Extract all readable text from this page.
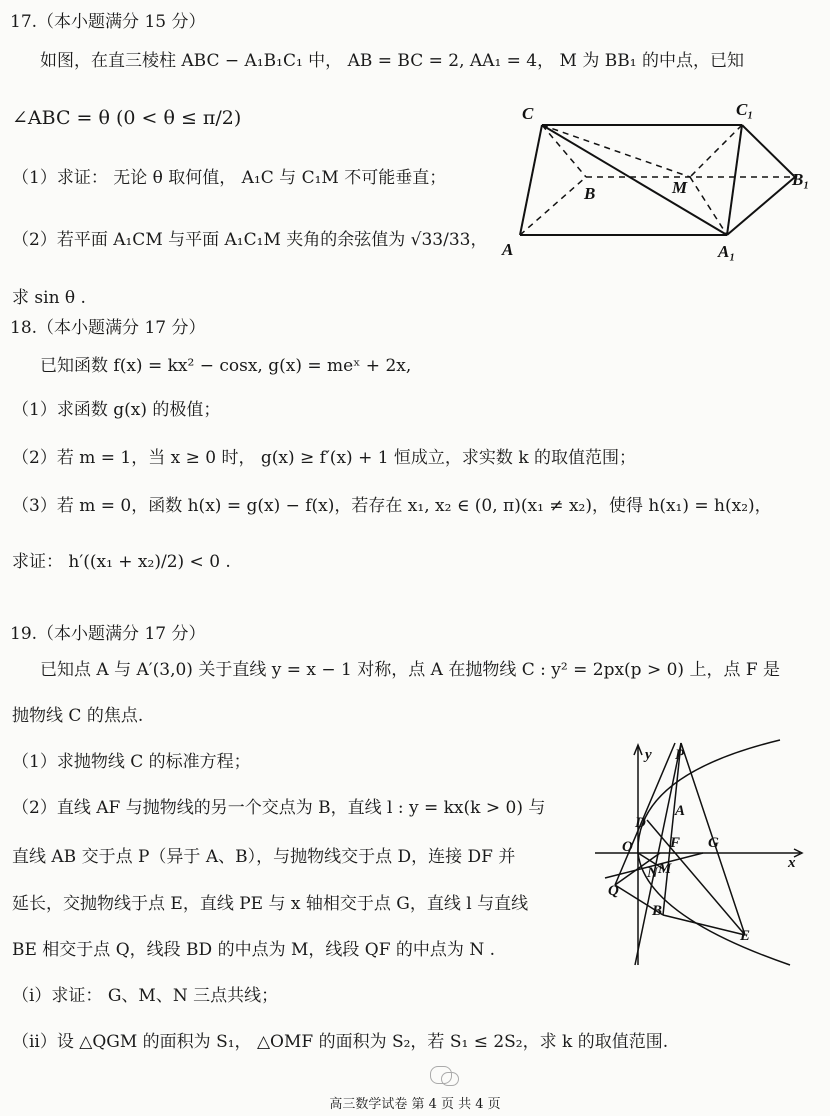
17.（本小题满分 15 分）
如图，在直三棱柱 ABC − A₁B₁C₁ 中， AB = BC = 2, AA₁ = 4， M 为 BB₁ 的中点，已知
∠ABC = θ (0 < θ ≤ π/2)
（1）求证： 无论 θ 取何值， A₁C 与 C₁M 不可能垂直；
（2）若平面 A₁CM 与平面 A₁C₁M 夹角的余弦值为 √33/33，
求 sin θ .
C	C₁
B	M	B₁
A	A₁
18.（本小题满分 17 分）
已知函数 f(x) = kx² − cosx, g(x) = meˣ + 2x,
（1）求函数 g(x) 的极值；
（2）若 m = 1，当 x ≥ 0 时， g(x) ≥ f′(x) + 1 恒成立，求实数 k 的取值范围；
（3）若 m = 0，函数 h(x) = g(x) − f(x)，若存在 x₁, x₂ ∈ (0, π)(x₁ ≠ x₂)，使得 h(x₁) = h(x₂)，
求证： h′((x₁ + x₂)/2) < 0 .
19.（本小题满分 17 分）
已知点 A 与 A′(3,0) 关于直线 y = x − 1 对称，点 A 在抛物线 C : y² = 2px(p > 0) 上，点 F 是
抛物线 C 的焦点.
（1）求抛物线 C 的标准方程；
（2）直线 AF 与抛物线的另一个交点为 B，直线 l : y = kx(k > 0) 与
直线 AB 交于点 P（异于 A、B），与抛物线交于点 D，连接 DF 并
延长，交抛物线于点 E，直线 PE 与 x 轴相交于点 G，直线 l 与直线
BE 相交于点 Q，线段 BD 的中点为 M，线段 QF 的中点为 N .
（i）求证： G、M、N 三点共线；
（ii）设 △QGM 的面积为 S₁， △OMF 的面积为 S₂，若 S₁ ≤ 2S₂，求 k 的取值范围.
y P
A
D
F G
O
x
Q
N M
B
E
高三数学试卷 第 4 页 共 4 页
